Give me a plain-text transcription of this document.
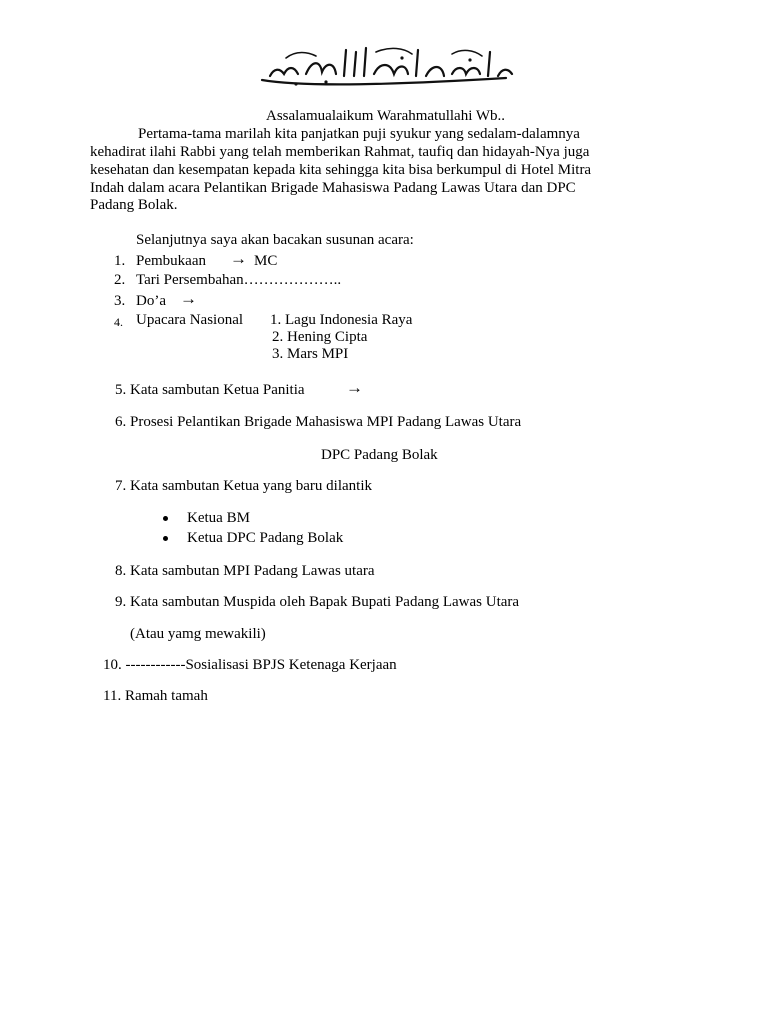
Assalamualaikum Warahmatullahi Wb..
Pertama-tama marilah kita panjatkan puji syukur yang sedalam-dalamnya
kehadirat ilahi Rabbi yang telah memberikan Rahmat, taufiq dan hidayah-Nya juga
kesehatan dan kesempatan kepada kita sehingga kita bisa berkumpul di Hotel Mitra
Indah dalam acara Pelantikan Brigade Mahasiswa Padang Lawas Utara dan DPC
Padang Bolak.
Selanjutnya saya akan bacakan susunan acara:
1. Pembukaan → MC
2. Tari Persembahan………………..
3. Do’a →
4. Upacara Nasional 1. Lagu Indonesia Raya
2. Hening Cipta
3. Mars MPI
5. Kata sambutan Ketua Panitia →
6. Prosesi Pelantikan Brigade Mahasiswa MPI Padang Lawas Utara
DPC Padang Bolak
7. Kata sambutan Ketua yang baru dilantik
Ketua BM
Ketua DPC Padang Bolak
8. Kata sambutan MPI Padang Lawas utara
9. Kata sambutan Muspida oleh Bapak Bupati Padang Lawas Utara
(Atau yamg mewakili)
10. ------------Sosialisasi BPJS Ketenaga Kerjaan
11. Ramah tamah
